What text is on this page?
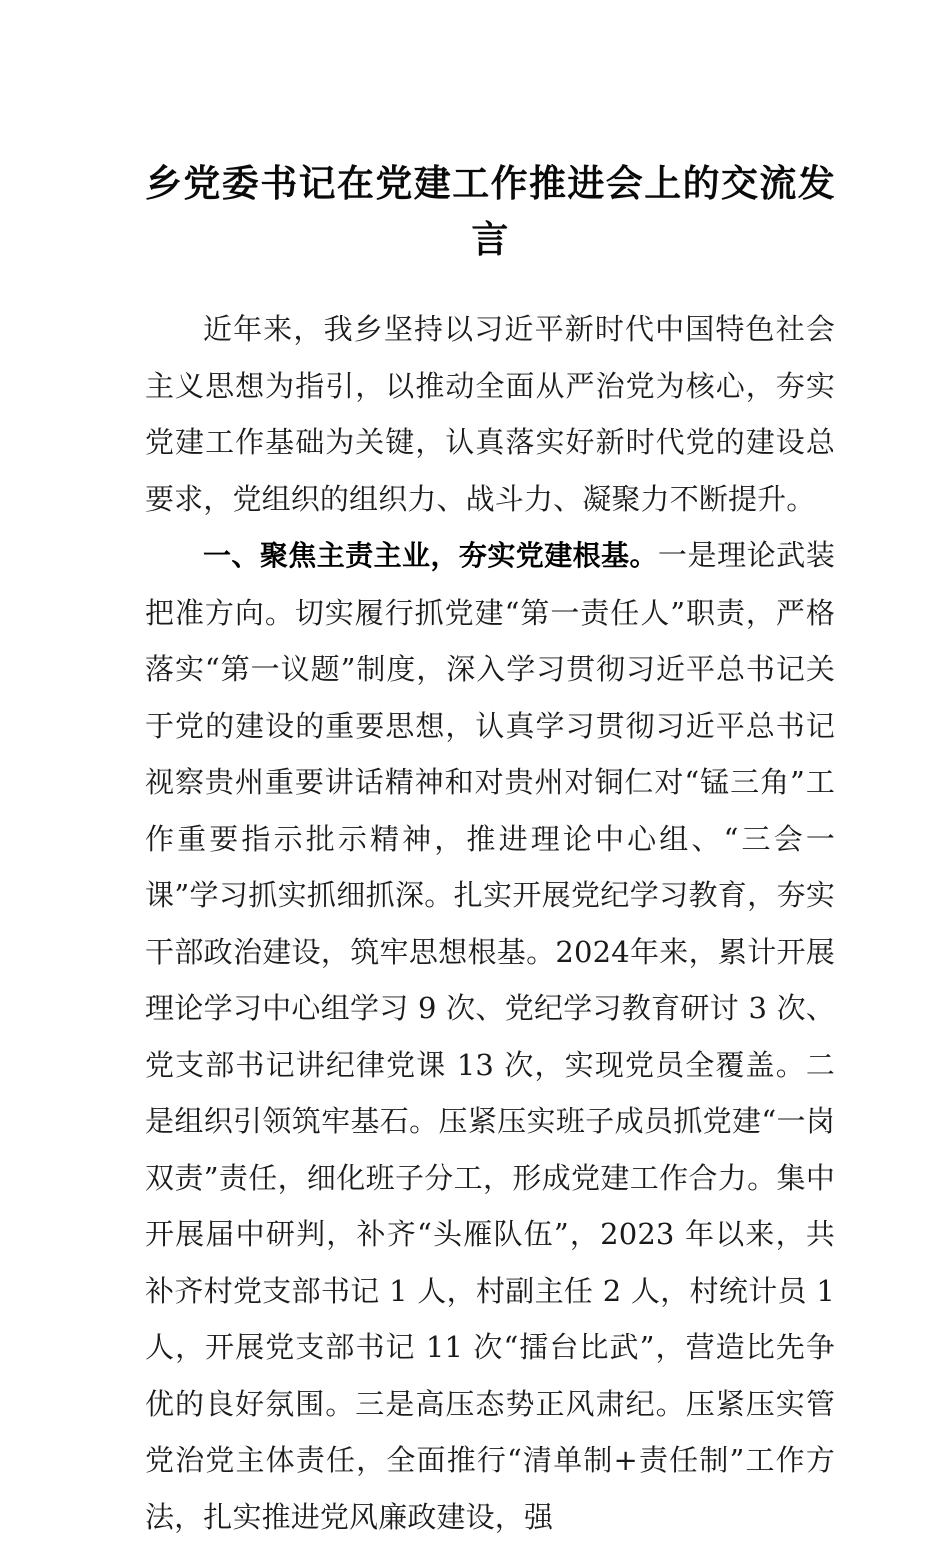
乡党委书记在党建工作推进会上的交流发言

近年来，我乡坚持以习近平新时代中国特色社会主义思想为指引，以推动全面从严治党为核心，夯实党建工作基础为关键，认真落实好新时代党的建设总要求，党组织的组织力、战斗力、凝聚力不断提升。

一、聚焦主责主业，夯实党建根基。一是理论武装把准方向。切实履行抓党建“第一责任人”职责，严格落实“第一议题”制度，深入学习贯彻习近平总书记关于党的建设的重要思想，认真学习贯彻习近平总书记视察贵州重要讲话精神和对贵州对铜仁对“锰三角”工作重要指示批示精神，推进理论中心组、“三会一课”学习抓实抓细抓深。扎实开展党纪学习教育，夯实干部政治建设，筑牢思想根基。2024年来，累计开展理论学习中心组学习 9 次、党纪学习教育研讨 3 次、党支部书记讲纪律党课 13 次，实现党员全覆盖。二是组织引领筑牢基石。压紧压实班子成员抓党建“一岗双责”责任，细化班子分工，形成党建工作合力。集中开展届中研判，补齐“头雁队伍”，2023 年以来，共补齐村党支部书记 1 人，村副主任 2 人，村统计员 1 人，开展党支部书记 11 次“擂台比武”，营造比先争优的良好氛围。三是高压态势正风肃纪。压紧压实管党治党主体责任，全面推行“清单制+责任制”工作方法，扎实推进党风廉政建设，强
